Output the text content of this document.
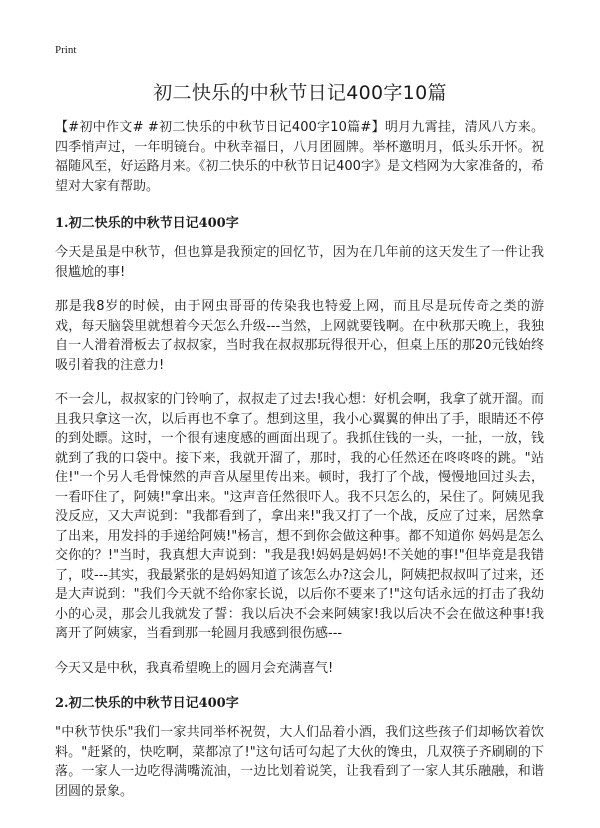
Print
初二快乐的中秋节日记400字10篇

【#初中作文# #初二快乐的中秋节日记400字10篇#】明月九霄挂，清风八方来。四季悄声过，一年明镜台。中秋幸福日，八月团圆牌。举杯邀明月，低头乐开怀。祝福随风至，好运路月来。《初二快乐的中秋节日记400字》是文档网为大家准备的，希望对大家有帮助。

1.初二快乐的中秋节日记400字

今天是虽是中秋节，但也算是我预定的回忆节，因为在几年前的这天发生了一件让我很尴尬的事!

那是我8岁的时候，由于网虫哥哥的传染我也特爱上网，而且尽是玩传奇之类的游戏，每天脑袋里就想着今天怎么升级---当然，上网就要钱啊。在中秋那天晚上，我独自一人滑着滑板去了叔叔家，当时我在叔叔那玩得很开心，但桌上压的那20元钱始终吸引着我的注意力!

不一会儿，叔叔家的门铃响了，叔叔走了过去!我心想：好机会啊，我拿了就开溜。而且我只拿这一次，以后再也不拿了。想到这里，我小心翼翼的伸出了手，眼睛还不停的到处瞟。这时，一个很有速度感的画面出现了。我抓住钱的一头，一扯，一放，钱就到了我的口袋中。接下来，我就开溜了，那时，我的心任然还在咚咚咚的跳。"站住!"一个另人毛骨悚然的声音从屋里传出来。顿时，我打了个战，慢慢地回过头去，一看吓住了，阿姨!"拿出来。"这声音任然很吓人。我不只怎么的，呆住了。阿姨见我没反应，又大声说到："我都看到了，拿出来!"我又打了一个战，反应了过来，居然拿了出来，用发抖的手递给阿姨!"杨言，想不到你会做这种事。都不知道你 妈妈是怎么交你的？!"当时，我真想大声说到："我是我!妈妈是妈妈!不关她的事!"但毕竟是我错了，哎---其实，我最紧张的是妈妈知道了该怎么办?这会儿，阿姨把叔叔叫了过来，还是大声说到："我们今天就不给你家长说，以后你不要来了!"这句话永远的打击了我幼小的心灵，那会儿我就发了誓：我以后决不会来阿姨家!我以后决不会在做这种事!我离开了阿姨家，当看到那一轮圆月我感到很伤感---

今天又是中秋，我真希望晚上的圆月会充满喜气!

2.初二快乐的中秋节日记400字

"中秋节快乐"我们一家共同举杯祝贺，大人们品着小酒，我们这些孩子们却畅饮着饮料。"赶紧的，快吃啊，菜都凉了!"这句话可勾起了大伙的馋虫，几双筷子齐刷刷的下落。一家人一边吃得满嘴流油，一边比划着说笑，让我看到了一家人其乐融融，和谐团圆的景象。
